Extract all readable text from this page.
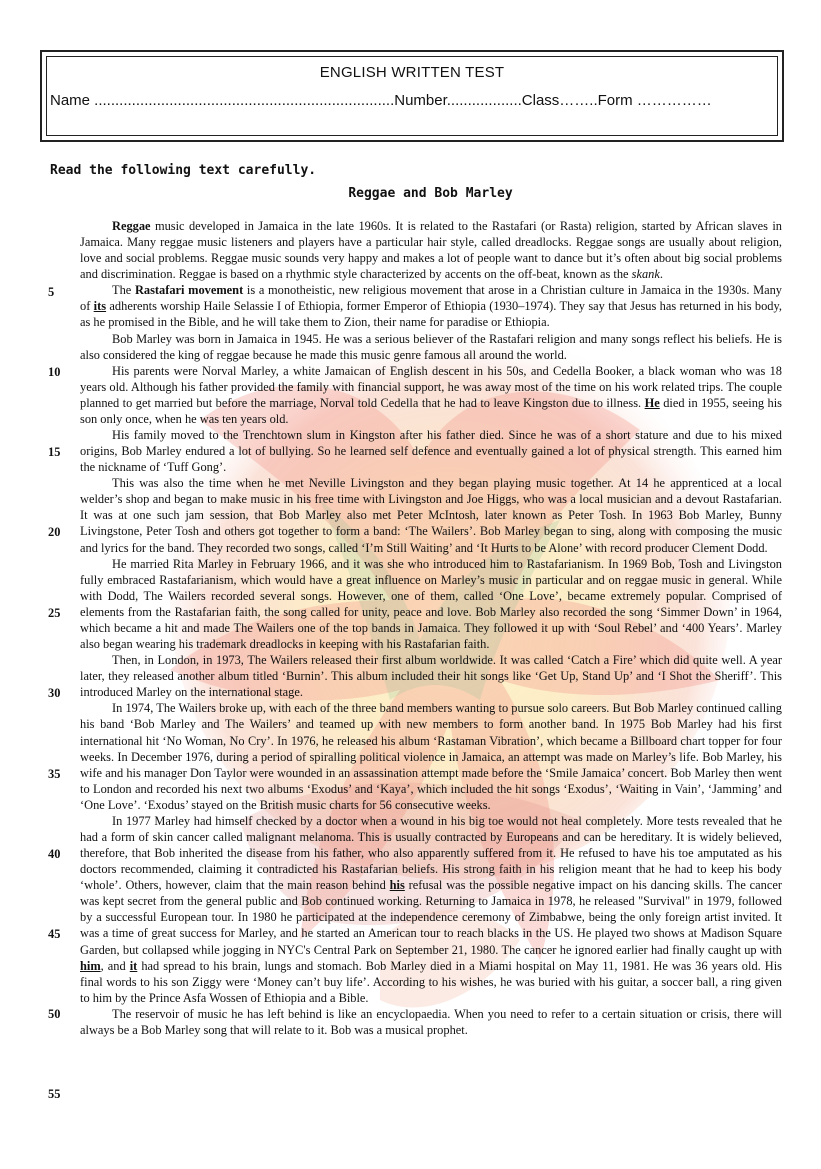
ENGLISH WRITTEN TEST
Name ........................................................................Number..................Class……..Form ……………
Read the following text carefully.
Reggae and Bob Marley
5
10
15
20
25
30
35
40
45
50
55

Reggae music developed in Jamaica in the late 1960s. It is related to the Rastafari (or Rasta) religion, started by African slaves in Jamaica. Many reggae music listeners and players have a particular hair style, called dreadlocks. Reggae songs are usually about religion, love and social problems. Reggae music sounds very happy and makes a lot of people want to dance but it’s often about big social problems and discrimination. Reggae is based on a rhythmic style characterized by accents on the off-beat, known as the skank.

The Rastafari movement is a monotheistic, new religious movement that arose in a Christian culture in Jamaica in the 1930s. Many of its adherents worship Haile Selassie I of Ethiopia, former Emperor of Ethiopia (1930–1974). They say that Jesus has returned in his body, as he promised in the Bible, and he will take them to Zion, their name for paradise or Ethiopia.

Bob Marley was born in Jamaica in 1945. He was a serious believer of the Rastafari religion and many songs reflect his beliefs. He is also considered the king of reggae because he made this music genre famous all around the world.

His parents were Norval Marley, a white Jamaican of English descent in his 50s, and Cedella Booker, a black woman who was 18 years old. Although his father provided the family with financial support, he was away most of the time on his work related trips. The couple planned to get married but before the marriage, Norval told Cedella that he had to leave Kingston due to illness. He died in 1955, seeing his son only once, when he was ten years old.

His family moved to the Trenchtown slum in Kingston after his father died. Since he was of a short stature and due to his mixed origins, Bob Marley endured a lot of bullying. So he learned self defence and eventually gained a lot of physical strength. This earned him the nickname of ‘Tuff Gong’.

This was also the time when he met Neville Livingston and they began playing music together. At 14 he apprenticed at a local welder’s shop and began to make music in his free time with Livingston and Joe Higgs, who was a local musician and a devout Rastafarian. It was at one such jam session, that Bob Marley also met Peter McIntosh, later known as Peter Tosh. In 1963 Bob Marley, Bunny Livingstone, Peter Tosh and others got together to form a band: ‘The Wailers’. Bob Marley began to sing, along with composing the music and lyrics for the band. They recorded two songs, called ‘I’m Still Waiting’ and ‘It Hurts to be Alone’ with record producer Clement Dodd.

He married Rita Marley in February 1966, and it was she who introduced him to Rastafarianism. In 1969 Bob, Tosh and Livingston fully embraced Rastafarianism, which would have a great influence on Marley’s music in particular and on reggae music in general. While with Dodd, The Wailers recorded several songs. However, one of them, called ‘One Love’, became extremely popular. Comprised of elements from the Rastafarian faith, the song called for unity, peace and love. Bob Marley also recorded the song ‘Simmer Down’ in 1964, which became a hit and made The Wailers one of the top bands in Jamaica. They followed it up with ‘Soul Rebel’ and ‘400 Years’. Marley also began wearing his trademark dreadlocks in keeping with his Rastafarian faith.

Then, in London, in 1973, The Wailers released their first album worldwide. It was called ‘Catch a Fire’ which did quite well. A year later, they released another album titled ‘Burnin’. This album included their hit songs like ‘Get Up, Stand Up’ and ‘I Shot the Sheriff’. This introduced Marley on the international stage.

In 1974, The Wailers broke up, with each of the three band members wanting to pursue solo careers. But Bob Marley continued calling his band ‘Bob Marley and The Wailers’ and teamed up with new members to form another band. In 1975 Bob Marley had his first international hit ‘No Woman, No Cry’. In 1976, he released his album ‘Rastaman Vibration’, which became a Billboard chart topper for four weeks. In December 1976, during a period of spiralling political violence in Jamaica, an attempt was made on Marley’s life. Bob Marley, his wife and his manager Don Taylor were wounded in an assassination attempt made before the ‘Smile Jamaica’ concert. Bob Marley then went to London and recorded his next two albums ‘Exodus’ and ‘Kaya’, which included the hit songs ‘Exodus’, ‘Waiting in Vain’, ‘Jamming’ and ‘One Love’. ‘Exodus’ stayed on the British music charts for 56 consecutive weeks.

In 1977 Marley had himself checked by a doctor when a wound in his big toe would not heal completely. More tests revealed that he had a form of skin cancer called malignant melanoma. This is usually contracted by Europeans and can be hereditary. It is widely believed, therefore, that Bob inherited the disease from his father, who also apparently suffered from it. He refused to have his toe amputated as his doctors recommended, claiming it contradicted his Rastafarian beliefs. His strong faith in his religion meant that he had to keep his body ‘whole’. Others, however, claim that the main reason behind his refusal was the possible negative impact on his dancing skills. The cancer was kept secret from the general public and Bob continued working. Returning to Jamaica in 1978, he released "Survival" in 1979, followed by a successful European tour. In 1980 he participated at the independence ceremony of Zimbabwe, being the only foreign artist invited. It was a time of great success for Marley, and he started an American tour to reach blacks in the US. He played two shows at Madison Square Garden, but collapsed while jogging in NYC's Central Park on September 21, 1980. The cancer he ignored earlier had finally caught up with him, and it had spread to his brain, lungs and stomach. Bob Marley died in a Miami hospital on May 11, 1981. He was 36 years old. His final words to his son Ziggy were ‘Money can’t buy life’. According to his wishes, he was buried with his guitar, a soccer ball, a ring given to him by the Prince Asfa Wossen of Ethiopia and a Bible.

The reservoir of music he has left behind is like an encyclopaedia. When you need to refer to a certain situation or crisis, there will always be a Bob Marley song that will relate to it. Bob was a musical prophet.
